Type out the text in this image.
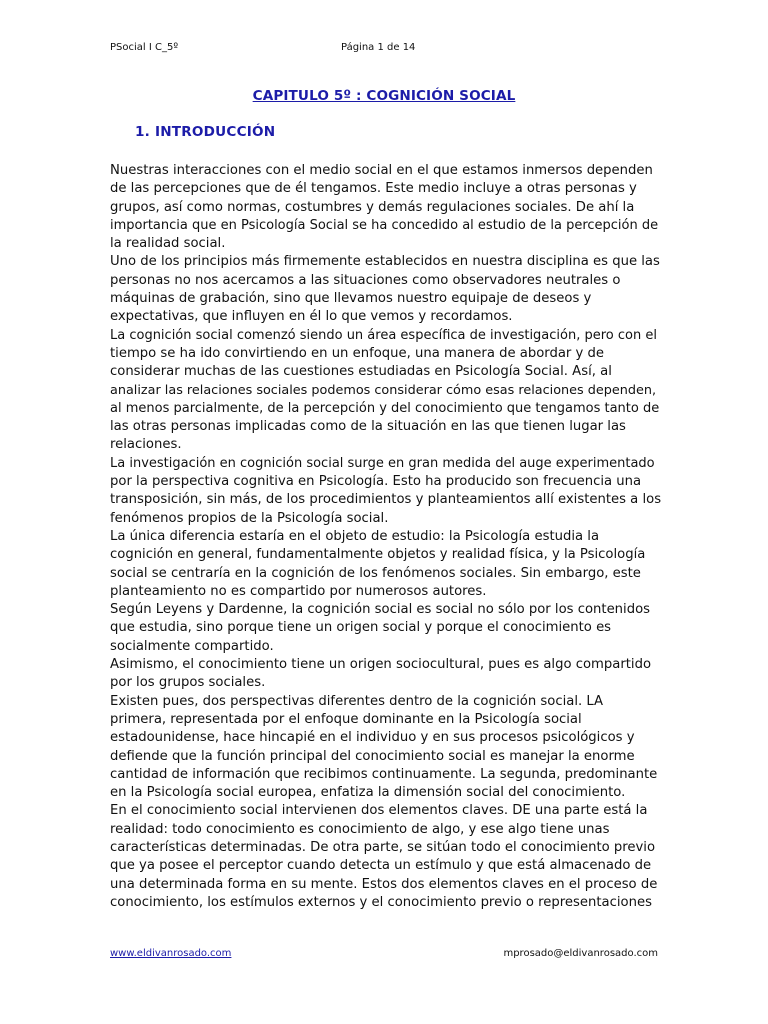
PSocial I C_5º	Página 1 de 14
CAPITULO 5º : COGNICIÓN SOCIAL
1. INTRODUCCIÓN
Nuestras interacciones con el medio social en el que estamos inmersos dependen
de las percepciones que de él tengamos. Este medio incluye a otras personas y
grupos, así como normas, costumbres y demás regulaciones sociales. De ahí la
importancia que en Psicología Social se ha concedido al estudio de la percepción de
la realidad social.
Uno de los principios más firmemente establecidos en nuestra disciplina es que las
personas no nos acercamos a las situaciones como observadores neutrales o
máquinas de grabación, sino que llevamos nuestro equipaje de deseos y
expectativas, que influyen en él lo que vemos y recordamos.
La cognición social comenzó siendo un área específica de investigación, pero con el
tiempo se ha ido convirtiendo en un enfoque, una manera de abordar y de
considerar muchas de las cuestiones estudiadas en Psicología Social. Así, al
analizar las relaciones sociales podemos considerar cómo esas relaciones dependen,
al menos parcialmente, de la percepción y del conocimiento que tengamos tanto de
las otras personas implicadas como de la situación en las que tienen lugar las
relaciones.
La investigación en cognición social surge en gran medida del auge experimentado
por la perspectiva cognitiva en Psicología. Esto ha producido son frecuencia una
transposición, sin más, de los procedimientos y planteamientos allí existentes a los
fenómenos propios de la Psicología social.
La única diferencia estaría en el objeto de estudio: la Psicología estudia la
cognición en general, fundamentalmente objetos y realidad física, y la Psicología
social se centraría en la cognición de los fenómenos sociales. Sin embargo, este
planteamiento no es compartido por numerosos autores.
Según Leyens y Dardenne, la cognición social es social no sólo por los contenidos
que estudia, sino porque tiene un origen social y porque el conocimiento es
socialmente compartido.
Asimismo, el conocimiento tiene un origen sociocultural, pues es algo compartido
por los grupos sociales.
Existen pues, dos perspectivas diferentes dentro de la cognición social. LA
primera, representada por el enfoque dominante en la Psicología social
estadounidense, hace hincapié en el individuo y en sus procesos psicológicos y
defiende que la función principal del conocimiento social es manejar la enorme
cantidad de información que recibimos continuamente. La segunda, predominante
en la Psicología social europea, enfatiza la dimensión social del conocimiento.
En el conocimiento social intervienen dos elementos claves. DE una parte está la
realidad: todo conocimiento es conocimiento de algo, y ese algo tiene unas
características determinadas. De otra parte, se sitúan todo el conocimiento previo
que ya posee el perceptor cuando detecta un estímulo y que está almacenado de
una determinada forma en su mente. Estos dos elementos claves en el proceso de
conocimiento, los estímulos externos y el conocimiento previo o representaciones
www.eldivanrosado.com	mprosado@eldivanrosado.com
